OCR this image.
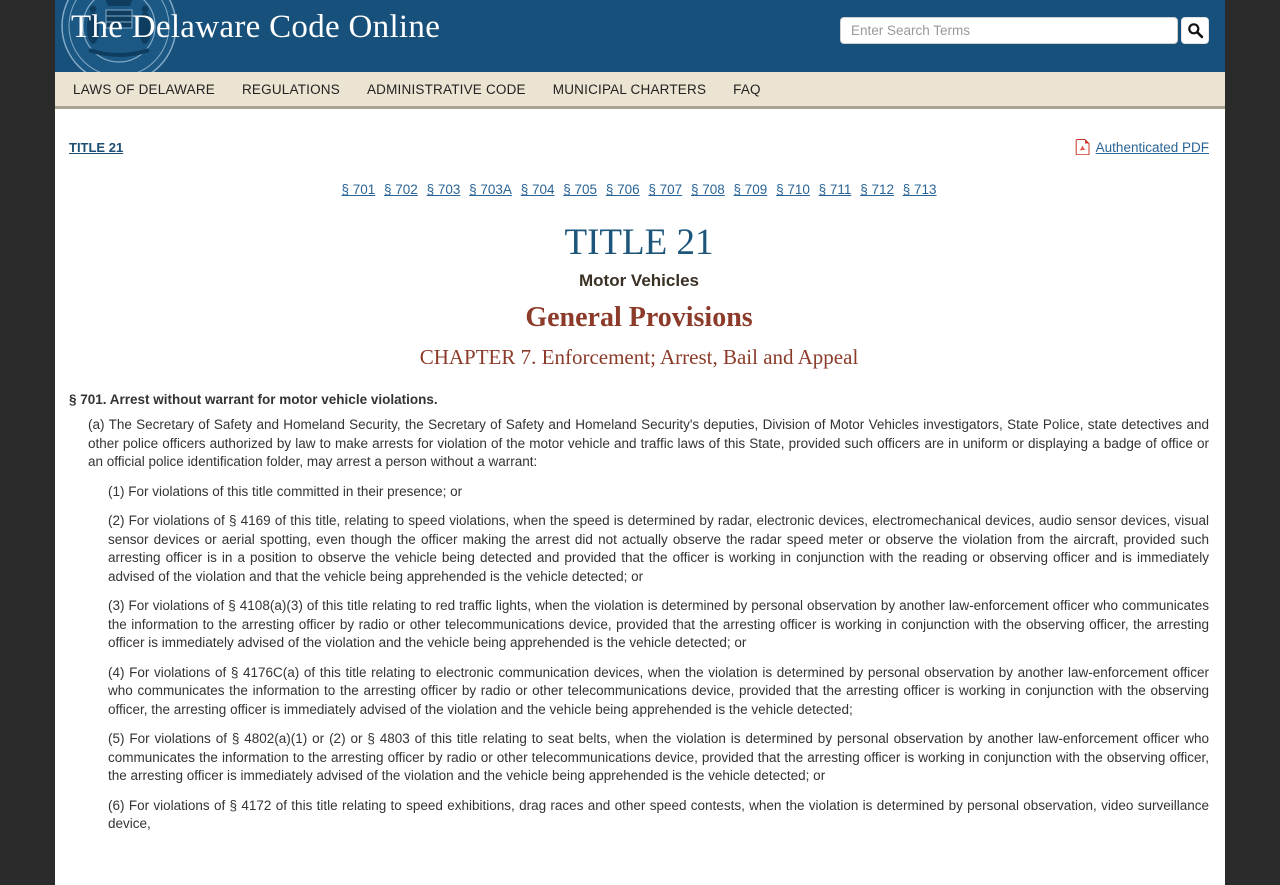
The Delaware Code Online
Enter Search Terms
LAWS OF DELAWARE REGULATIONS ADMINISTRATIVE CODE MUNICIPAL CHARTERS FAQ
TITLE 21	Authenticated PDF
§ 701 § 702 § 703 § 703A § 704 § 705 § 706 § 707 § 708 § 709 § 710 § 711 § 712 § 713
TITLE 21
Motor Vehicles
General Provisions
CHAPTER 7. Enforcement; Arrest, Bail and Appeal
§ 701. Arrest without warrant for motor vehicle violations.

(a) The Secretary of Safety and Homeland Security, the Secretary of Safety and Homeland Security's deputies, Division of Motor Vehicles investigators, State Police, state detectives and other police officers authorized by law to make arrests for violation of the motor vehicle and traffic laws of this State, provided such officers are in uniform or displaying a badge of office or an official police identification folder, may arrest a person without a warrant:

(1) For violations of this title committed in their presence; or

(2) For violations of § 4169 of this title, relating to speed violations, when the speed is determined by radar, electronic devices, electromechanical devices, audio sensor devices, visual sensor devices or aerial spotting, even though the officer making the arrest did not actually observe the radar speed meter or observe the violation from the aircraft, provided such arresting officer is in a position to observe the vehicle being detected and provided that the officer is working in conjunction with the reading or observing officer and is immediately advised of the violation and that the vehicle being apprehended is the vehicle detected; or

(3) For violations of § 4108(a)(3) of this title relating to red traffic lights, when the violation is determined by personal observation by another law-enforcement officer who communicates the information to the arresting officer by radio or other telecommunications device, provided that the arresting officer is working in conjunction with the observing officer, the arresting officer is immediately advised of the violation and the vehicle being apprehended is the vehicle detected; or

(4) For violations of § 4176C(a) of this title relating to electronic communication devices, when the violation is determined by personal observation by another law-enforcement officer who communicates the information to the arresting officer by radio or other telecommunications device, provided that the arresting officer is working in conjunction with the observing officer, the arresting officer is immediately advised of the violation and the vehicle being apprehended is the vehicle detected;

(5) For violations of § 4802(a)(1) or (2) or § 4803 of this title relating to seat belts, when the violation is determined by personal observation by another law-enforcement officer who communicates the information to the arresting officer by radio or other telecommunications device, provided that the arresting officer is working in conjunction with the observing officer, the arresting officer is immediately advised of the violation and the vehicle being apprehended is the vehicle detected; or

(6) For violations of § 4172 of this title relating to speed exhibitions, drag races and other speed contests, when the violation is determined by personal observation, video surveillance device,
